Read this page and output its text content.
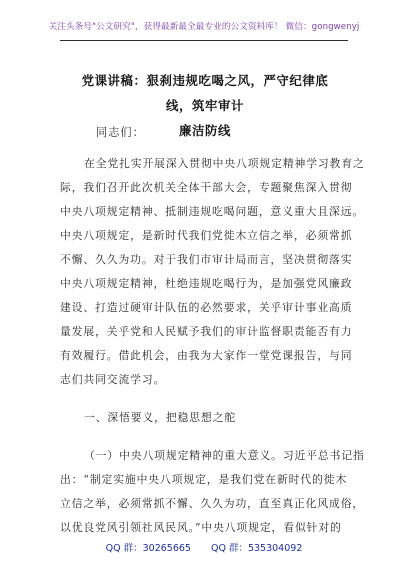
关注头条号"公文研究"，获得最新最全最专业的公文资料库！ 微信：gongwenyj
党课讲稿：狠刹违规吃喝之风，严守纪律底线，筑牢审计
廉洁防线
同志们：
在全党扎实开展深入贯彻中央八项规定精神学习教育之
际，我们召开此次机关全体干部大会，专题聚焦深入贯彻
中央八项规定精神、抵制违规吃喝问题，意义重大且深远。
中央八项规定，是新时代我们党徙木立信之举，必须常抓
不懈、久久为功。对于我们市审计局而言，坚决贯彻落实
中央八项规定精神，杜绝违规吃喝行为，是加强党风廉政
建设、打造过硬审计队伍的必然要求，关乎审计事业高质
量发展，关乎党和人民赋予我们的审计监督职责能否有力
有效履行。借此机会，由我为大家作一堂党课报告，与同
志们共同交流学习。
一、深悟要义，把稳思想之舵
（一）中央八项规定精神的重大意义。习近平总书记指
出：“制定实施中央八项规定，是我们党在新时代的徙木
立信之举，必须常抓不懈、久久为功，直至真正化风成俗，
以优良党风引领社风民风。”中央八项规定，看似针对的
QQ 群：30265665 QQ 群：535304092
